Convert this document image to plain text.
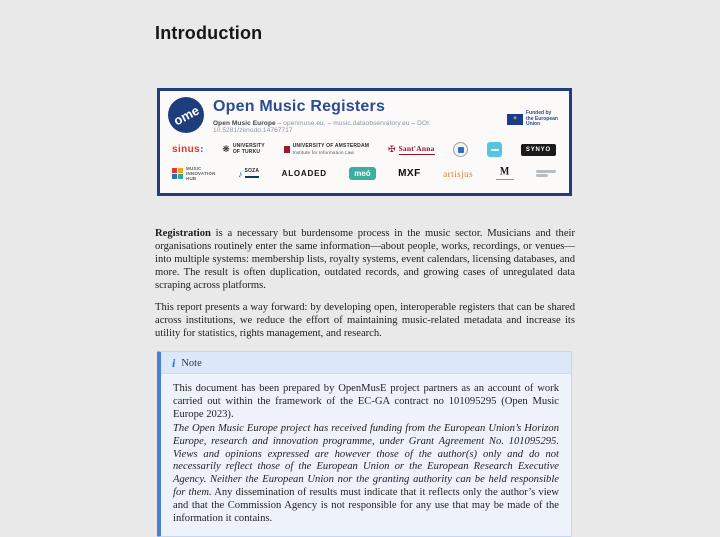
Introduction
ome Open Music Registers
Open Music Europe – openmuse.eu. – music.dataobservatory.eu – DOI: 10.5281/zenodo.14767717
✶
Funded by
the European Union
sinus : ❋ UNIVERSITY
OF TURKU
UNIVERSITY OF AMSTERDAM
Institute for Information Law	✠ Sant'Anna	SYNYO
MUSIC
INNOVATION
HUB	♪ SOZA	ALOADED	meó	MXF artisjus	M

Registration is a necessary but burdensome process in the music sector. Musicians and their organisations routinely enter the same information—about people, works, recordings, or venues—into multiple systems: membership lists, royalty systems, event calendars, licensing databases, and more. The result is often duplication, outdated records, and growing cases of unregulated data scraping across platforms.

This report presents a way forward: by developing open, interoperable registers that can be shared across institutions, we reduce the effort of maintaining music-related metadata and increase its utility for statistics, rights management, and research.

i Note

This document has been prepared by OpenMusE project partners as an account of work carried out within the framework of the EC-GA contract no 101095295 (Open Music Europe 2023).

The Open Music Europe project has received funding from the European Union’s Horizon Europe, research and innovation programme, under Grant Agreement No. 101095295. Views and opinions expressed are however those of the author(s) only and do not necessarily reflect those of the European Union or the European Research Executive Agency. Neither the European Union nor the granting authority can be held responsible for them. Any dissemination of results must indicate that it reflects only the author’s view and that the Commission Agency is not responsible for any use that may be made of the information it contains.
